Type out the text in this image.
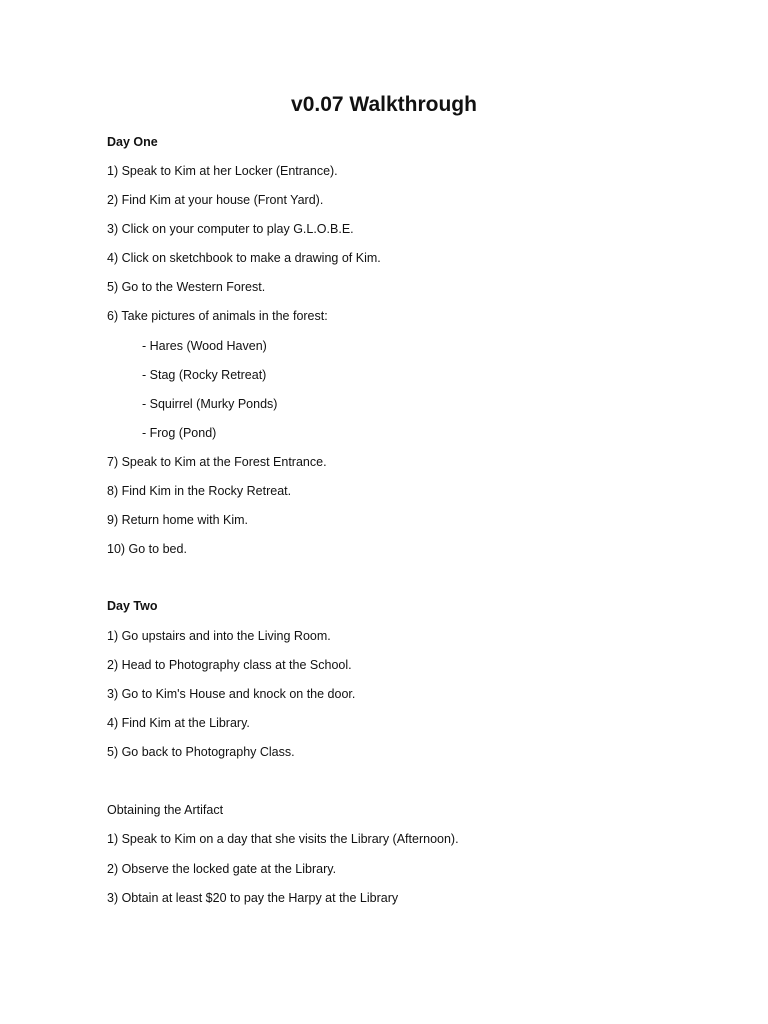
v0.07 Walkthrough
Day One
1) Speak to Kim at her Locker (Entrance).
2) Find Kim at your house (Front Yard).
3) Click on your computer to play G.L.O.B.E.
4) Click on sketchbook to make a drawing of Kim.
5) Go to the Western Forest.
6) Take pictures of animals in the forest:
- Hares (Wood Haven)
- Stag (Rocky Retreat)
- Squirrel (Murky Ponds)
- Frog (Pond)
7) Speak to Kim at the Forest Entrance.
8) Find Kim in the Rocky Retreat.
9) Return home with Kim.
10) Go to bed.
Day Two
1) Go upstairs and into the Living Room.
2) Head to Photography class at the School.
3) Go to Kim's House and knock on the door.
4) Find Kim at the Library.
5) Go back to Photography Class.
Obtaining the Artifact
1) Speak to Kim on a day that she visits the Library (Afternoon).
2) Observe the locked gate at the Library.
3) Obtain at least $20 to pay the Harpy at the Library
